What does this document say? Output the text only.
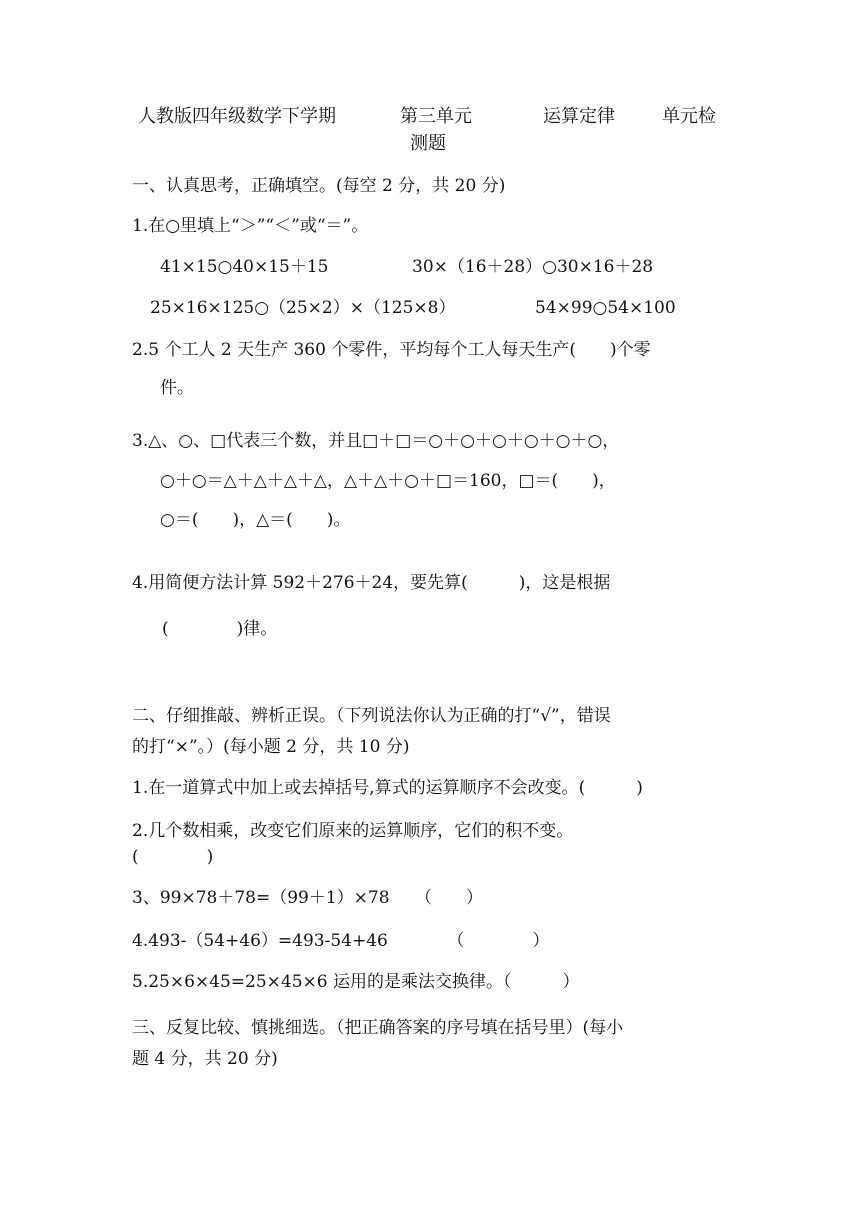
人教版四年级数学下学期	第三单元	运算定律	单元检
测题
一、认真思考，正确填空。(每空 2 分，共 20 分)
1.在○里填上“＞”“＜”或“＝”。
41×15○40×15＋15	30×（16＋28）○30×16＋28
25×16×125○（25×2）×（125×8）	54×99○54×100
2.5 个工人 2 天生产 360 个零件，平均每个工人每天生产(　　)个零
件。
3.△、○、□代表三个数，并且□＋□＝○＋○＋○＋○＋○＋○，
○＋○＝△＋△＋△＋△，△＋△＋○＋□＝160，□＝(　　)，
○＝(　　)，△＝(　　)。
4.用简便方法计算 592＋276＋24，要先算(　　　)，这是根据
(　　　　)律。
二、仔细推敲、辨析正误。（下列说法你认为正确的打“√”，错误
的打“×”。）(每小题 2 分，共 10 分)
1.在一道算式中加上或去掉括号,算式的运算顺序不会改变。(　　　)
2.几个数相乘，改变它们原来的运算顺序，它们的积不变。
(　　　　)
3、99×78＋78=（99＋1）×78　　（　　）
4.493-（54+46）=493-54+46　　　　（　　　　）
5.25×6×45=25×45×6 运用的是乘法交换律。（　　　）
三、反复比较、慎挑细选。（把正确答案的序号填在括号里）(每小
题 4 分，共 20 分)
